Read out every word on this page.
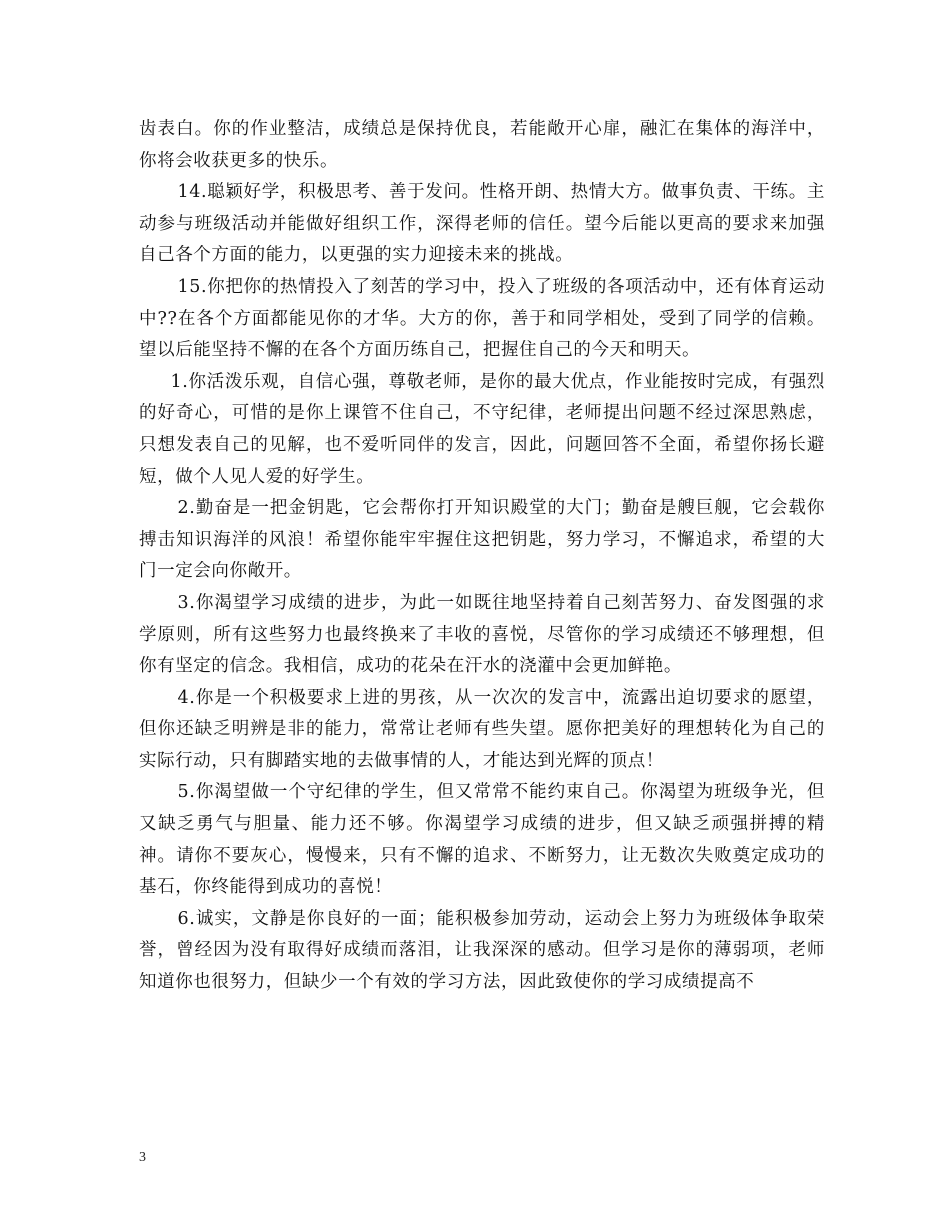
齿表白。你的作业整洁，成绩总是保持优良，若能敞开心扉，融汇在集体的海洋中，你将会收获更多的快乐。

14.聪颖好学，积极思考、善于发问。性格开朗、热情大方。做事负责、干练。主动参与班级活动并能做好组织工作，深得老师的信任。望今后能以更高的要求来加强自己各个方面的能力，以更强的实力迎接未来的挑战。

15.你把你的热情投入了刻苦的学习中，投入了班级的各项活动中，还有体育运动中??在各个方面都能见你的才华。大方的你，善于和同学相处，受到了同学的信赖。望以后能坚持不懈的在各个方面历练自己，把握住自己的今天和明天。

1.你活泼乐观，自信心强，尊敬老师，是你的最大优点，作业能按时完成，有强烈的好奇心，可惜的是你上课管不住自己，不守纪律，老师提出问题不经过深思熟虑，只想发表自己的见解，也不爱听同伴的发言，因此，问题回答不全面，希望你扬长避短，做个人见人爱的好学生。

2.勤奋是一把金钥匙，它会帮你打开知识殿堂的大门；勤奋是艘巨舰，它会载你搏击知识海洋的风浪！希望你能牢牢握住这把钥匙，努力学习，不懈追求，希望的大门一定会向你敞开。

3.你渴望学习成绩的进步，为此一如既往地坚持着自己刻苦努力、奋发图强的求学原则，所有这些努力也最终换来了丰收的喜悦，尽管你的学习成绩还不够理想，但你有坚定的信念。我相信，成功的花朵在汗水的浇灌中会更加鲜艳。

4.你是一个积极要求上进的男孩，从一次次的发言中，流露出迫切要求的愿望，但你还缺乏明辨是非的能力，常常让老师有些失望。愿你把美好的理想转化为自己的实际行动，只有脚踏实地的去做事情的人，才能达到光辉的顶点！

5.你渴望做一个守纪律的学生，但又常常不能约束自己。你渴望为班级争光，但又缺乏勇气与胆量、能力还不够。你渴望学习成绩的进步，但又缺乏顽强拼搏的精神。请你不要灰心，慢慢来，只有不懈的追求、不断努力，让无数次失败奠定成功的基石，你终能得到成功的喜悦！

6.诚实，文静是你良好的一面；能积极参加劳动，运动会上努力为班级体争取荣誉，曾经因为没有取得好成绩而落泪，让我深深的感动。但学习是你的薄弱项，老师知道你也很努力，但缺少一个有效的学习方法，因此致使你的学习成绩提高不

3
